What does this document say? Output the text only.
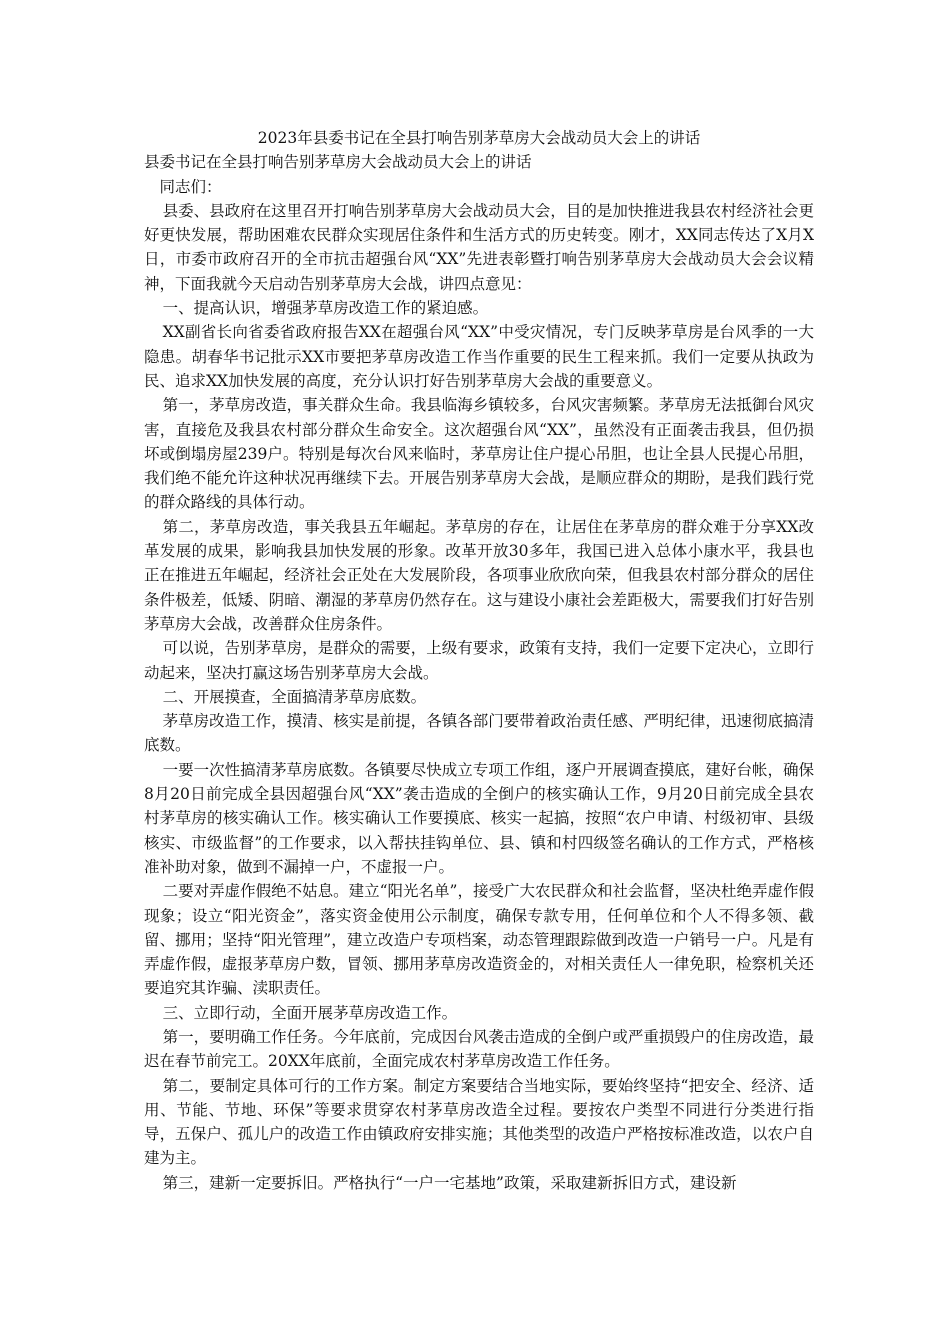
2023年县委书记在全县打响告别茅草房大会战动员大会上的讲话

县委书记在全县打响告别茅草房大会战动员大会上的讲话

同志们：

县委、县政府在这里召开打响告别茅草房大会战动员大会，目的是加快推进我县农村经济社会更好更快发展，帮助困难农民群众实现居住条件和生活方式的历史转变。刚才，XX同志传达了X月X日，市委市政府召开的全市抗击超强台风“XX”先进表彰暨打响告别茅草房大会战动员大会会议精神，下面我就今天启动告别茅草房大会战，讲四点意见：

一、提高认识，增强茅草房改造工作的紧迫感。

XX副省长向省委省政府报告XX在超强台风“XX”中受灾情况，专门反映茅草房是台风季的一大隐患。胡春华书记批示XX市要把茅草房改造工作当作重要的民生工程来抓。我们一定要从执政为民、追求XX加快发展的高度，充分认识打好告别茅草房大会战的重要意义。

第一，茅草房改造，事关群众生命。我县临海乡镇较多，台风灾害频繁。茅草房无法抵御台风灾害，直接危及我县农村部分群众生命安全。这次超强台风“XX”，虽然没有正面袭击我县，但仍损坏或倒塌房屋239户。特别是每次台风来临时，茅草房让住户提心吊胆，也让全县人民提心吊胆，我们绝不能允许这种状况再继续下去。开展告别茅草房大会战，是顺应群众的期盼，是我们践行党的群众路线的具体行动。

第二，茅草房改造，事关我县五年崛起。茅草房的存在，让居住在茅草房的群众难于分享XX改革发展的成果，影响我县加快发展的形象。改革开放30多年，我国已进入总体小康水平，我县也正在推进五年崛起，经济社会正处在大发展阶段，各项事业欣欣向荣，但我县农村部分群众的居住条件极差，低矮、阴暗、潮湿的茅草房仍然存在。这与建设小康社会差距极大，需要我们打好告别茅草房大会战，改善群众住房条件。

可以说，告别茅草房，是群众的需要，上级有要求，政策有支持，我们一定要下定决心，立即行动起来，坚决打赢这场告别茅草房大会战。

二、开展摸查，全面搞清茅草房底数。

茅草房改造工作，摸清、核实是前提，各镇各部门要带着政治责任感、严明纪律，迅速彻底搞清底数。

一要一次性搞清茅草房底数。各镇要尽快成立专项工作组，逐户开展调查摸底，建好台帐，确保8月20日前完成全县因超强台风“XX”袭击造成的全倒户的核实确认工作，9月20日前完成全县农村茅草房的核实确认工作。核实确认工作要摸底、核实一起搞，按照“农户申请、村级初审、县级核实、市级监督”的工作要求，以入帮扶挂钩单位、县、镇和村四级签名确认的工作方式，严格核准补助对象，做到不漏掉一户，不虚报一户。

二要对弄虚作假绝不姑息。建立“阳光名单”，接受广大农民群众和社会监督，坚决杜绝弄虚作假现象；设立“阳光资金”，落实资金使用公示制度，确保专款专用，任何单位和个人不得多领、截留、挪用；坚持“阳光管理”，建立改造户专项档案，动态管理跟踪做到改造一户销号一户。凡是有弄虚作假，虚报茅草房户数，冒领、挪用茅草房改造资金的，对相关责任人一律免职，检察机关还要追究其诈骗、渎职责任。

三、立即行动，全面开展茅草房改造工作。

第一，要明确工作任务。今年底前，完成因台风袭击造成的全倒户或严重损毁户的住房改造，最迟在春节前完工。20XX年底前，全面完成农村茅草房改造工作任务。

第二，要制定具体可行的工作方案。制定方案要结合当地实际，要始终坚持“把安全、经济、适用、节能、节地、环保”等要求贯穿农村茅草房改造全过程。要按农户类型不同进行分类进行指导，五保户、孤儿户的改造工作由镇政府安排实施；其他类型的改造户严格按标准改造，以农户自建为主。

第三，建新一定要拆旧。严格执行“一户一宅基地”政策，采取建新拆旧方式，建设新
